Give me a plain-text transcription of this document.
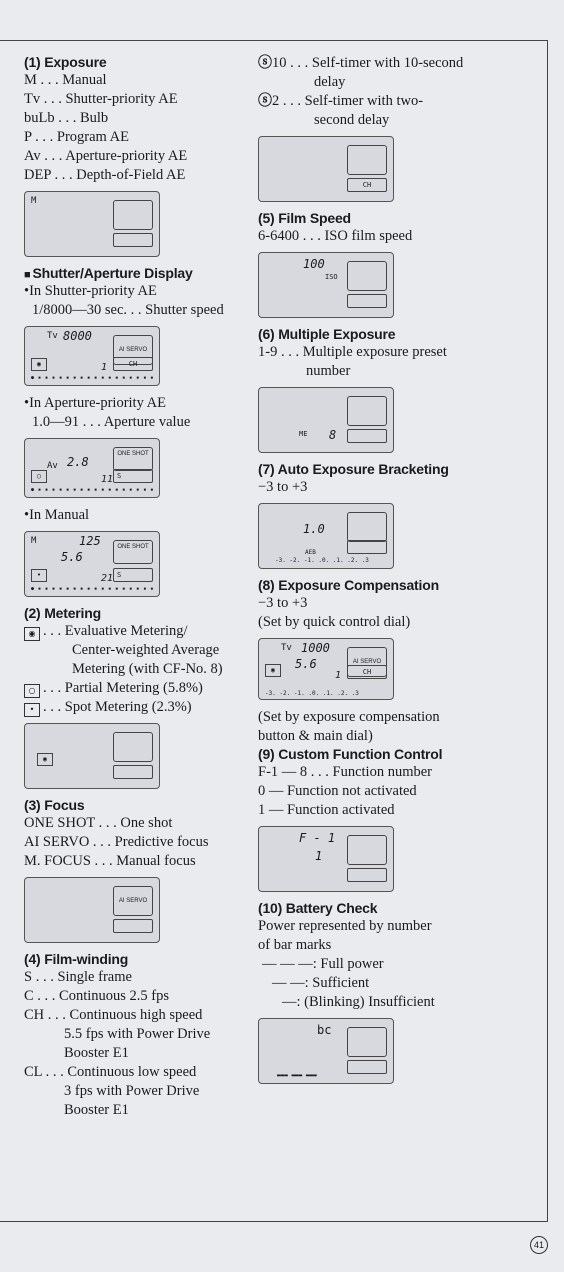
(1) Exposure
M . . . Manual
Tv . . . Shutter-priority AE
buLb . . . Bulb
P . . . Program AE
Av . . . Aperture-priority AE
DEP . . . Depth-of-Field AE
M
■ Shutter/Aperture Display
•In Shutter-priority AE
1/8000—30 sec. . . Shutter speed
Tv 8000
AI SERVO
◉	1	CH
● ▪ ▪ ▪ ▪ ▪ ▪ ▪ ▪ ▪ ▪ ▪ ▪ ▪ ▪ ▪ ▪ ▪
•In Aperture-priority AE
1.0—91 . . . Aperture value
Av 2.8
ONE SHOT
○	11 S
● ▪ ▪ ▪ ▪ ▪ ▪ ▪ ▪ ▪ ▪ ▪ ▪ ▪ ▪ ▪ ▪ ▪
•In Manual
M	125
5.6
ONE SHOT
•	21 S
● ▪ ▪ ▪ ▪ ▪ ▪ ▪ ▪ ▪ ▪ ▪ ▪ ▪ ▪ ▪ ▪ ▪
(2) Metering
◉ . . . Evaluative Metering/
Center-weighted Average
Metering (with CF-No. 8)
○ . . . Partial Metering (5.8%)
• . . . Spot Metering (2.3%)
◉
(3) Focus
ONE SHOT . . . One shot
AI SERVO . . . Predictive focus
M. FOCUS . . . Manual focus
AI SERVO
(4) Film-winding
S . . . Single frame
C . . . Continuous 2.5 fps
CH . . . Continuous high speed
5.5 fps with Power Drive
Booster E1
CL . . . Continuous low speed
3 fps with Power Drive
Booster E1
ⓢ10 . . . Self-timer with 10-second
delay
ⓢ2 . . . Self-timer with two-
second delay
CH
(5) Film Speed
6-6400 . . . ISO film speed
100
ISO
(6) Multiple Exposure
1-9 . . . Multiple exposure preset
number
ME 8
(7) Auto Exposure Bracketing
−3 to +3
1.0
AEB
-3. -2. -1. .0. .1. .2. .3
(8) Exposure Compensation
−3 to +3
(Set by quick control dial)
Tv 1000
5.6	AI SERVO
◉	1	CH
-3. -2. -1. .0. .1. .2. .3
(Set by exposure compensation
button & main dial)
(9) Custom Function Control
F-1 — 8 . . . Function number
0 — Function not activated
1 — Function activated
F - 1
1
(10) Battery Check
Power represented by number
of bar marks
— — —: Full power
— —: Sufficient
—: (Blinking) Insufficient
bc
▬▬▬ ▬▬▬ ▬▬▬
41
